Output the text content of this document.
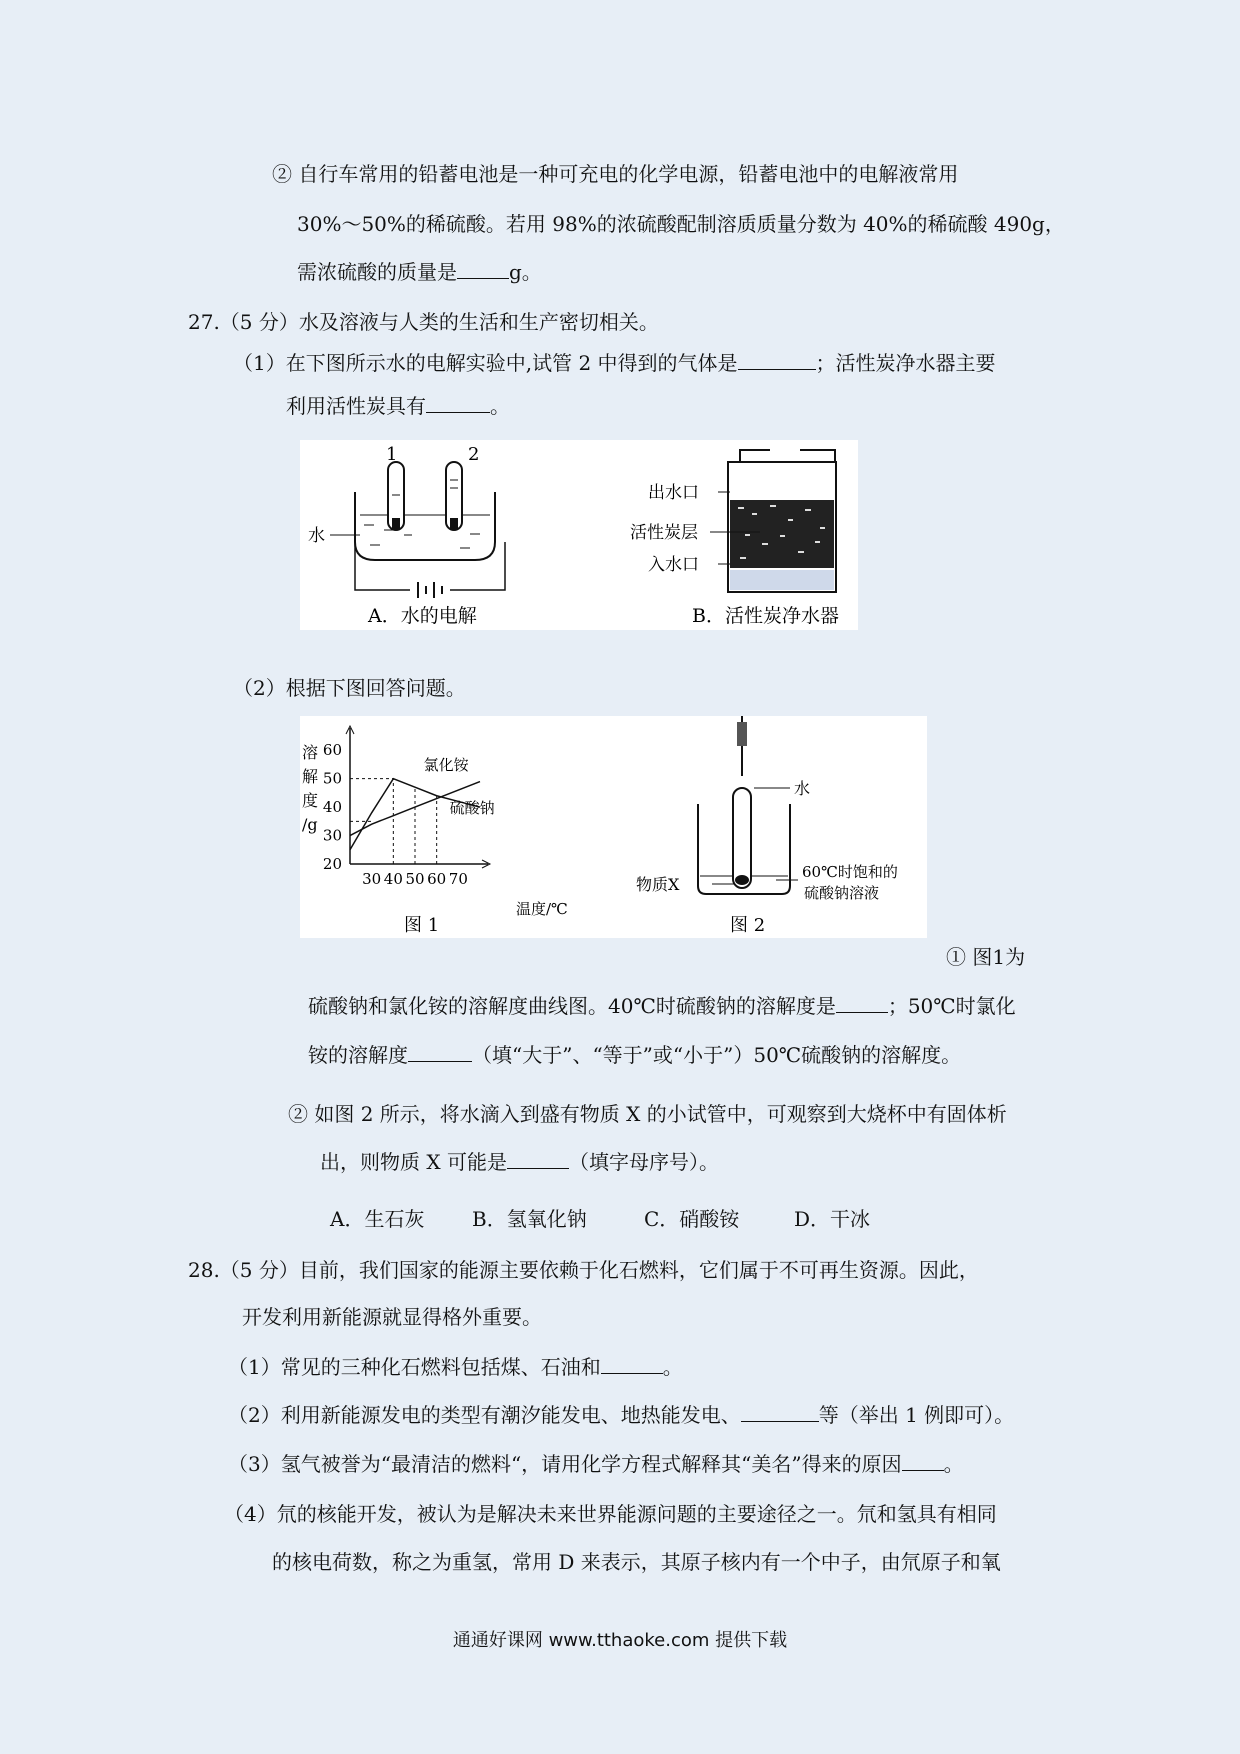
② 自行车常用的铅蓄电池是一种可充电的化学电源，铅蓄电池中的电解液常用
30%～50%的稀硫酸。若用 98%的浓硫酸配制溶质质量分数为 40%的稀硫酸 490g，
需浓硫酸的质量是	g。
27.（5 分）水及溶液与人类的生活和生产密切相关。
（1）在下图所示水的电解实验中,试管 2 中得到的气体是	；活性炭净水器主要
利用活性炭具有	。
1	2
水
A．水的电解
出水口
活性炭层
入水口
B．活性炭净水器
（2）根据下图回答问题。
溶
解
度
/g
温度/℃
图 1
60
50
40
30
20
30 40 50 60 70
氯化铵
硫酸钠
水
物质X
60℃时饱和的
硫酸钠溶液
图 2
① 图1为
硫酸钠和氯化铵的溶解度曲线图。40℃时硫酸钠的溶解度是	；50℃时氯化
铵的溶解度	（填“大于”、“等于”或“小于”）50℃硫酸钠的溶解度。
② 如图 2 所示，将水滴入到盛有物质 X 的小试管中，可观察到大烧杯中有固体析
出，则物质 X 可能是	（填字母序号）。
A．生石灰 B．氢氧化钠	C．硝酸铵	D．干冰
28.（5 分）目前，我们国家的能源主要依赖于化石燃料，它们属于不可再生资源。因此，
开发利用新能源就显得格外重要。
（1）常见的三种化石燃料包括煤、石油和	。
（2）利用新能源发电的类型有潮汐能发电、地热能发电、	等（举出 1 例即可）。
（3）氢气被誉为“最清洁的燃料“，请用化学方程式解释其“美名”得来的原因 。
（4）氘的核能开发，被认为是解决未来世界能源问题的主要途径之一。氘和氢具有相同
的核电荷数，称之为重氢，常用 D 来表示，其原子核内有一个中子，由氘原子和氧
通通好课网 www.tthaoke.com 提供下载
